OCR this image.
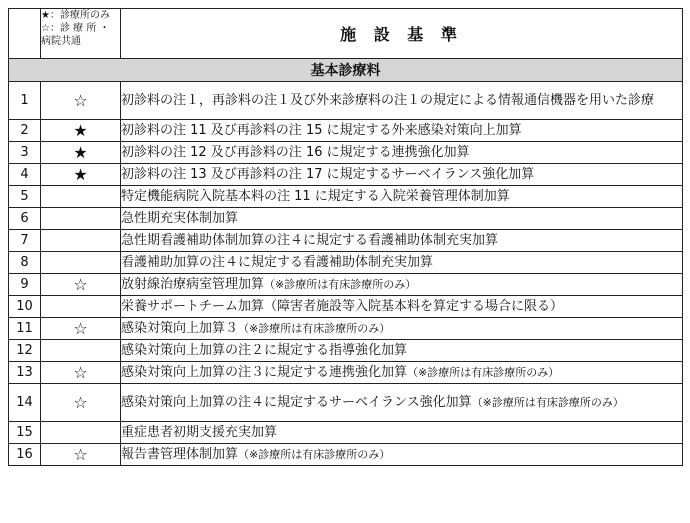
	★：診療所のみ
☆：診 療 所 ・
病院共通	施 設 基 準
基本診療料		
1	☆	初診料の注１，再診料の注１及び外来診療料の注１の規定による情報通信機器を用いた診療
2	★	初診料の注 11 及び再診料の注 15 に規定する外来感染対策向上加算
3	★	初診料の注 12 及び再診料の注 16 に規定する連携強化加算
4	★	初診料の注 13 及び再診料の注 17 に規定するサーベイランス強化加算
5		特定機能病院入院基本料の注 11 に規定する入院栄養管理体制加算
6		急性期充実体制加算
7		急性期看護補助体制加算の注４に規定する看護補助体制充実加算
8		看護補助加算の注４に規定する看護補助体制充実加算
9	☆	放射線治療病室管理加算（※診療所は有床診療所のみ）
10		栄養サポートチーム加算（障害者施設等入院基本料を算定する場合に限る）
11	☆	感染対策向上加算３（※診療所は有床診療所のみ）
12		感染対策向上加算の注２に規定する指導強化加算
13	☆	感染対策向上加算の注３に規定する連携強化加算（※診療所は有床診療所のみ）
14	☆	感染対策向上加算の注４に規定するサーベイランス強化加算（※診療所は有床診療所のみ）
15		重症患者初期支援充実加算
16	☆	報告書管理体制加算（※診療所は有床診療所のみ）
